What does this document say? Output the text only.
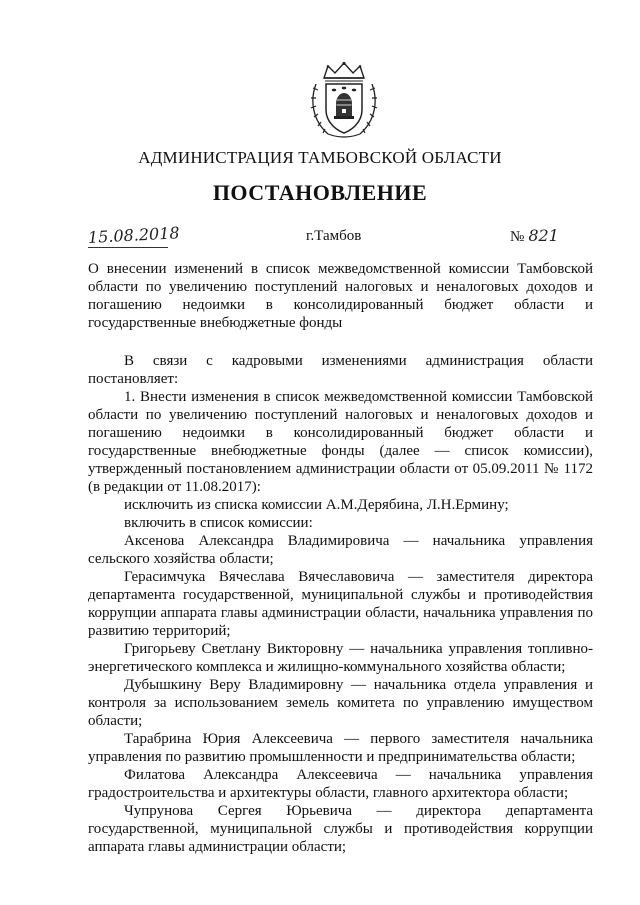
АДМИНИСТРАЦИЯ ТАМБОВСКОЙ ОБЛАСТИ
ПОСТАНОВЛЕНИЕ
15.08.2018	г.Тамбов	№ 821
О внесении изменений в список межведомственной комиссии Тамбовской области по увеличению поступлений налоговых и неналоговых доходов и погашению недоимки в консолидированный бюджет области и государственные внебюджетные фонды

В связи с кадровыми изменениями администрация области постановляет:

1. Внести изменения в список межведомственной комиссии Тамбовской области по увеличению поступлений налоговых и неналоговых доходов и погашению недоимки в консолидированный бюджет области и государственные внебюджетные фонды (далее — список комиссии), утвержденный постановлением администрации области от 05.09.2011 № 1172 (в редакции от 11.08.2017):

исключить из списка комиссии А.М.Дерябина, Л.Н.Ермину;

включить в список комиссии:

Аксенова Александра Владимировича — начальника управления сельского хозяйства области;

Герасимчука Вячеслава Вячеславовича — заместителя директора департамента государственной, муниципальной службы и противодействия коррупции аппарата главы администрации области, начальника управления по развитию территорий;

Григорьеву Светлану Викторовну — начальника управления топливно-энергетического комплекса и жилищно-коммунального хозяйства области;

Дубышкину Веру Владимировну — начальника отдела управления и контроля за использованием земель комитета по управлению имуществом области;

Тарабрина Юрия Алексеевича — первого заместителя начальника управления по развитию промышленности и предпринимательства области;

Филатова Александра Алексеевича — начальника управления градостроительства и архитектуры области, главного архитектора области;

Чупрунова Сергея Юрьевича — директора департамента государственной, муниципальной службы и противодействия коррупции аппарата главы администрации области;
